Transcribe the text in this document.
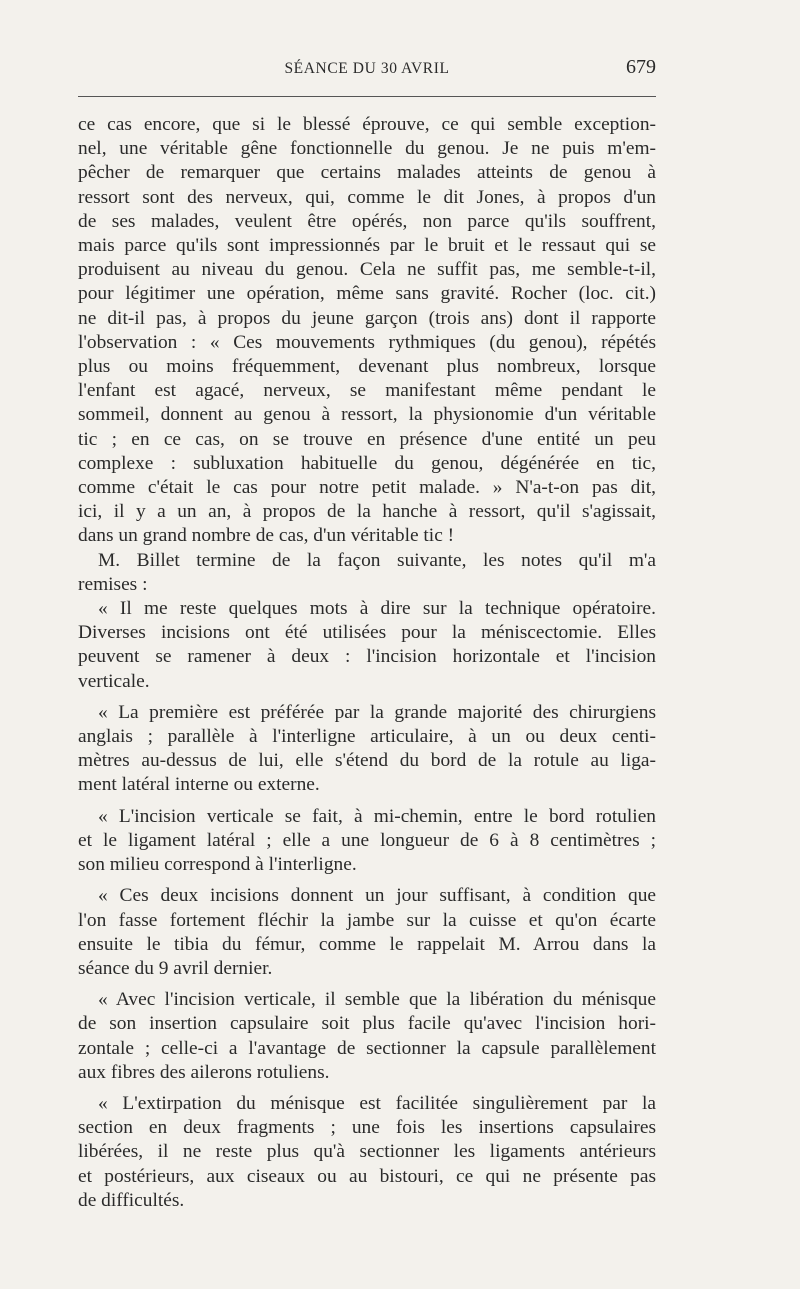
SÉANCE DU 30 AVRIL	679
ce cas encore, que si le blessé éprouve, ce qui semble exception-
nel, une véritable gêne fonctionnelle du genou. Je ne puis m'em-
pêcher de remarquer que certains malades atteints de genou à
ressort sont des nerveux, qui, comme le dit Jones, à propos d'un
de ses malades, veulent être opérés, non parce qu'ils souffrent,
mais parce qu'ils sont impressionnés par le bruit et le ressaut qui se
produisent au niveau du genou. Cela ne suffit pas, me semble-t-il,
pour légitimer une opération, même sans gravité. Rocher (loc. cit.)
ne dit-il pas, à propos du jeune garçon (trois ans) dont il rapporte
l'observation : « Ces mouvements rythmiques (du genou), répétés
plus ou moins fréquemment, devenant plus nombreux, lorsque
l'enfant est agacé, nerveux, se manifestant même pendant le
sommeil, donnent au genou à ressort, la physionomie d'un véritable
tic ; en ce cas, on se trouve en présence d'une entité un peu
complexe : subluxation habituelle du genou, dégénérée en tic,
comme c'était le cas pour notre petit malade. » N'a-t-on pas dit,
ici, il y a un an, à propos de la hanche à ressort, qu'il s'agissait,
dans un grand nombre de cas, d'un véritable tic !
M. Billet termine de la façon suivante, les notes qu'il m'a
remises :
« Il me reste quelques mots à dire sur la technique opératoire.
Diverses incisions ont été utilisées pour la méniscectomie. Elles
peuvent se ramener à deux : l'incision horizontale et l'incision
verticale.
« La première est préférée par la grande majorité des chirurgiens
anglais ; parallèle à l'interligne articulaire, à un ou deux centi-
mètres au-dessus de lui, elle s'étend du bord de la rotule au liga-
ment latéral interne ou externe.
« L'incision verticale se fait, à mi-chemin, entre le bord rotulien
et le ligament latéral ; elle a une longueur de 6 à 8 centimètres ;
son milieu correspond à l'interligne.
« Ces deux incisions donnent un jour suffisant, à condition que
l'on fasse fortement fléchir la jambe sur la cuisse et qu'on écarte
ensuite le tibia du fémur, comme le rappelait M. Arrou dans la
séance du 9 avril dernier.
« Avec l'incision verticale, il semble que la libération du ménisque
de son insertion capsulaire soit plus facile qu'avec l'incision hori-
zontale ; celle-ci a l'avantage de sectionner la capsule parallèlement
aux fibres des ailerons rotuliens.
« L'extirpation du ménisque est facilitée singulièrement par la
section en deux fragments ; une fois les insertions capsulaires
libérées, il ne reste plus qu'à sectionner les ligaments antérieurs
et postérieurs, aux ciseaux ou au bistouri, ce qui ne présente pas
de difficultés.
